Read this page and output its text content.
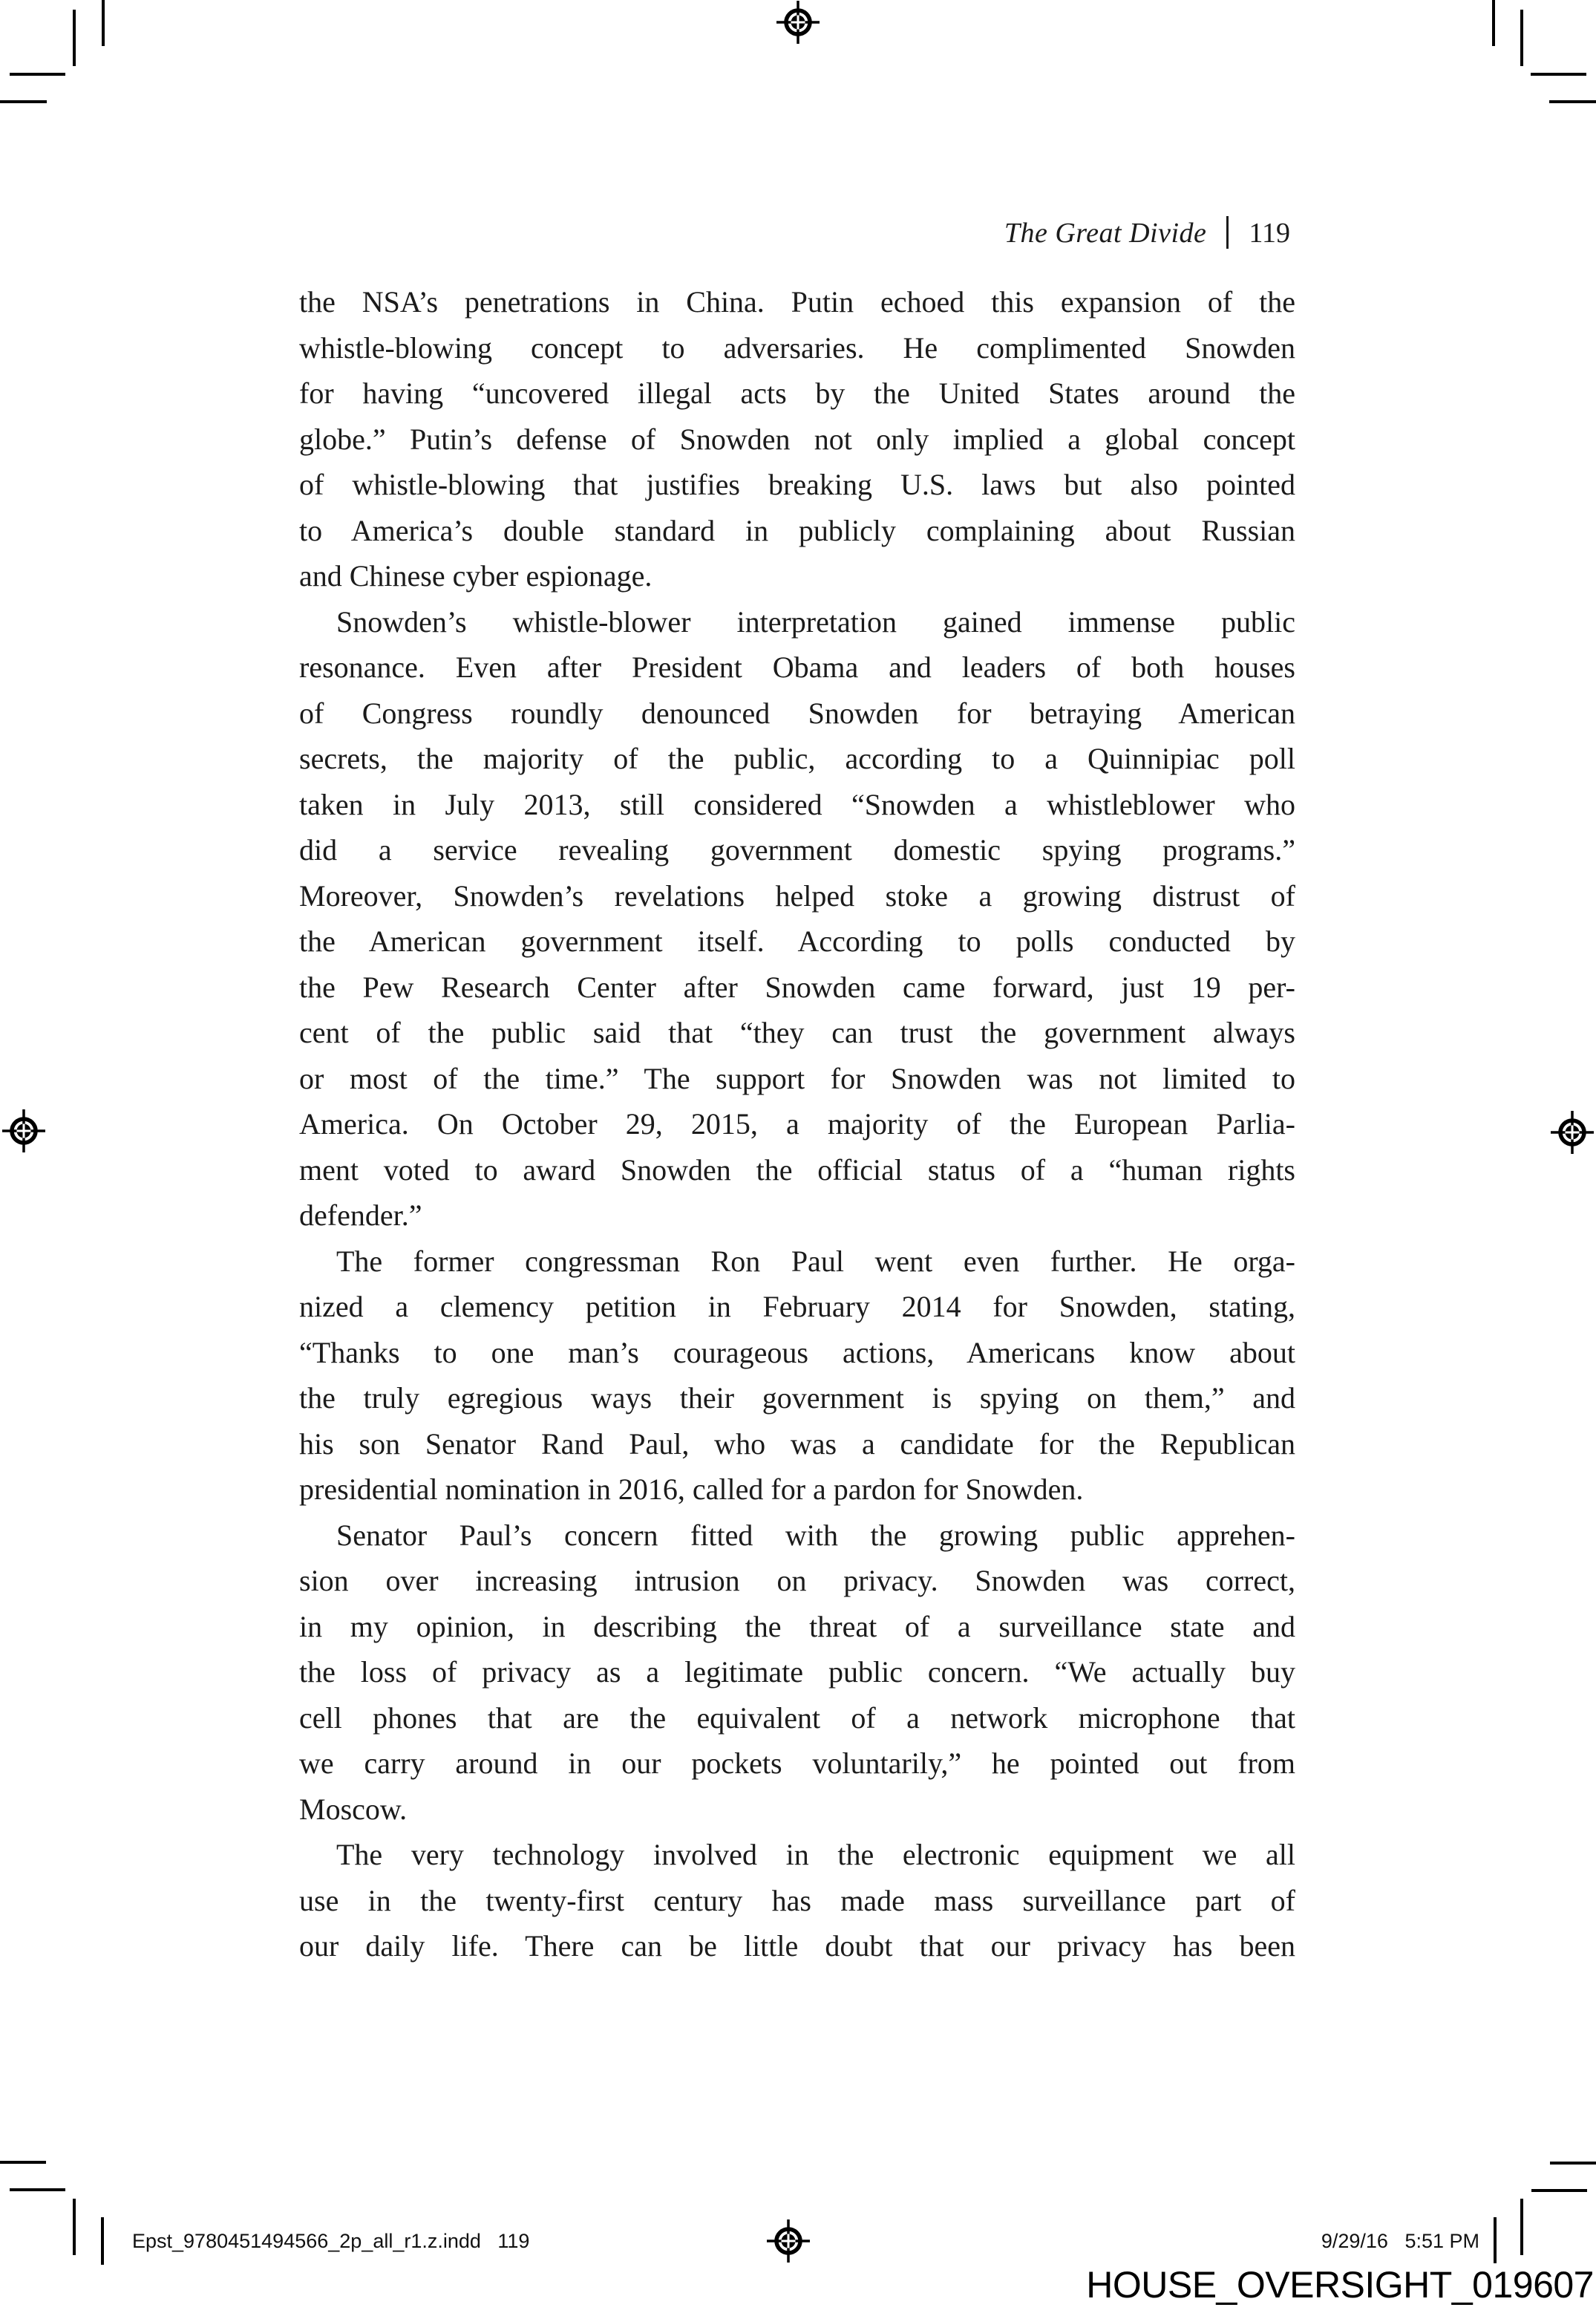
The Great Divide 119
the NSA’s penetrations in China. Putin echoed this expansion of the
whistle-blowing concept to adversaries. He complimented Snowden
for having “uncovered illegal acts by the United States around the
globe.” Putin’s defense of Snowden not only implied a global concept
of whistle-blowing that justifies breaking U.S. laws but also pointed
to America’s double standard in publicly complaining about Russian
and Chinese cyber espionage.
Snowden’s whistle-blower interpretation gained immense public
resonance. Even after President Obama and leaders of both houses
of Congress roundly denounced Snowden for betraying American
secrets, the majority of the public, according to a Quinnipiac poll
taken in July 2013, still considered “Snowden a whistleblower who
did a service revealing government domestic spying programs.”
Moreover, Snowden’s revelations helped stoke a growing distrust of
the American government itself. According to polls conducted by
the Pew Research Center after Snowden came forward, just 19 per-
cent of the public said that “they can trust the government always
or most of the time.” The support for Snowden was not limited to
America. On October 29, 2015, a majority of the European Parlia-
ment voted to award Snowden the official status of a “human rights
defender.”
The former congressman Ron Paul went even further. He orga-
nized a clemency petition in February 2014 for Snowden, stating,
“Thanks to one man’s courageous actions, Americans know about
the truly egregious ways their government is spying on them,” and
his son Senator Rand Paul, who was a candidate for the Republican
presidential nomination in 2016, called for a pardon for Snowden.
Senator Paul’s concern fitted with the growing public apprehen-
sion over increasing intrusion on privacy. Snowden was correct,
in my opinion, in describing the threat of a surveillance state and
the loss of privacy as a legitimate public concern. “We actually buy
cell phones that are the equivalent of a network microphone that
we carry around in our pockets voluntarily,” he pointed out from
Moscow.
The very technology involved in the electronic equipment we all
use in the twenty-first century has made mass surveillance part of
our daily life. There can be little doubt that our privacy has been
Epst_9780451494566_2p_all_r1.z.indd   119	9/29/16   5:51 PM
HOUSE_OVERSIGHT_019607
